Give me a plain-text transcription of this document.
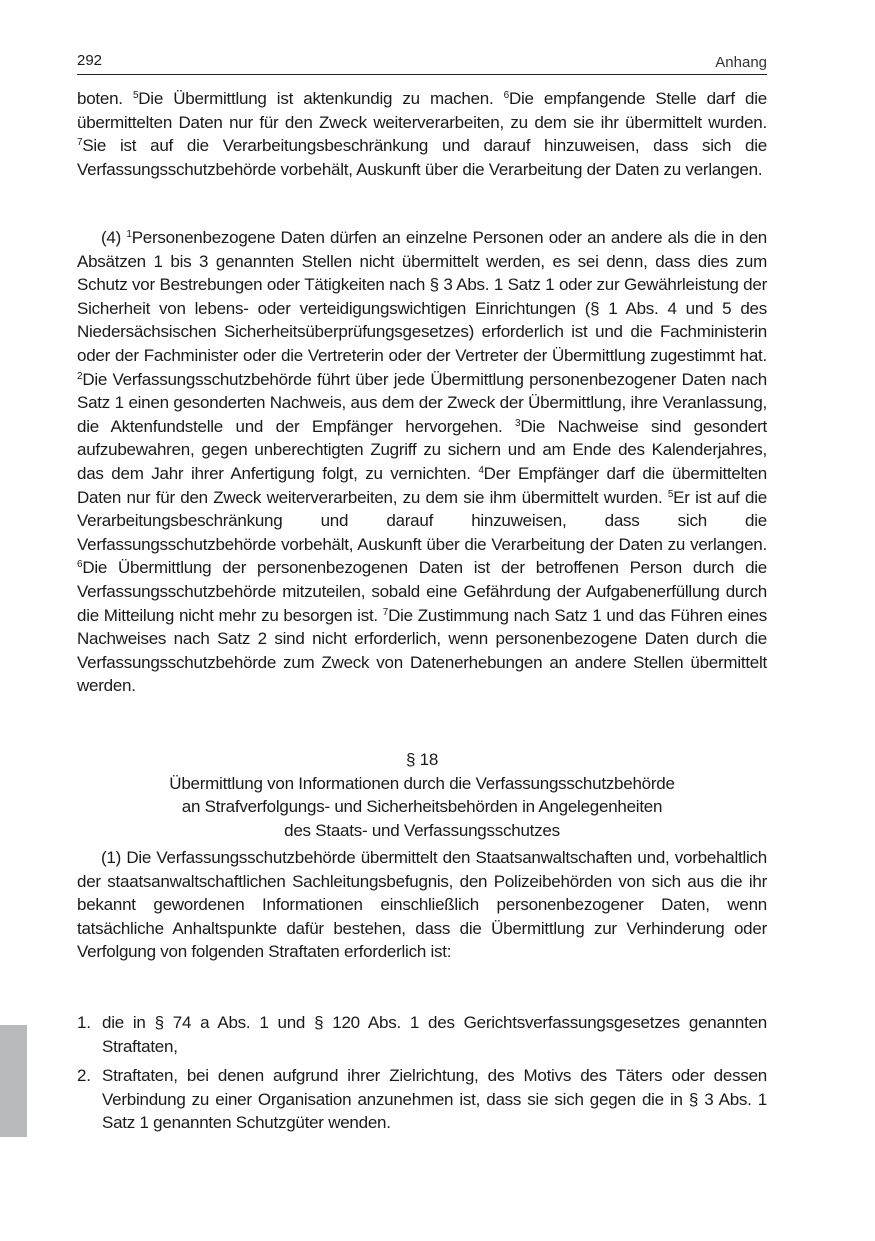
292	Anhang

boten. $^5$Die Übermittlung ist aktenkundig zu machen. $^6$Die empfangende Stelle darf die übermittelten Daten nur für den Zweck weiterverarbeiten, zu dem sie ihr übermittelt wurden. $^7$Sie ist auf die Verarbeitungsbeschränkung und darauf hinzuweisen, dass sich die Verfassungsschutzbehörde vorbehält, Auskunft über die Verarbeitung der Daten zu verlangen.

(4) $^1$Personenbezogene Daten dürfen an einzelne Personen oder an andere als die in den Absätzen 1 bis 3 genannten Stellen nicht übermittelt werden, es sei denn, dass dies zum Schutz vor Bestrebungen oder Tätigkeiten nach § 3 Abs. 1 Satz 1 oder zur Gewährleistung der Sicherheit von lebens- oder verteidigungswichtigen Einrichtungen (§ 1 Abs. 4 und 5 des Niedersächsischen Sicherheitsüberprüfungsgesetzes) erforderlich ist und die Fachministerin oder der Fachminister oder die Vertreterin oder der Vertreter der Übermittlung zugestimmt hat. $^2$Die Verfassungsschutzbehörde führt über jede Übermittlung personenbezogener Daten nach Satz 1 einen gesonderten Nachweis, aus dem der Zweck der Übermittlung, ihre Veranlassung, die Aktenfundstelle und der Empfänger hervorgehen. $^3$Die Nachweise sind gesondert aufzubewahren, gegen unberechtigten Zugriff zu sichern und am Ende des Kalenderjahres, das dem Jahr ihrer Anfertigung folgt, zu vernichten. $^4$Der Empfänger darf die übermittelten Daten nur für den Zweck weiterverarbeiten, zu dem sie ihm übermittelt wurden. $^5$Er ist auf die Verarbeitungsbeschränkung und darauf hinzuweisen, dass sich die Verfassungsschutzbehörde vorbehält, Auskunft über die Verarbeitung der Daten zu verlangen. $^6$Die Übermittlung der personenbezogenen Daten ist der betroffenen Person durch die Verfassungsschutzbehörde mitzuteilen, sobald eine Gefährdung der Aufgabenerfüllung durch die Mitteilung nicht mehr zu besorgen ist. $^7$Die Zustimmung nach Satz 1 und das Führen eines Nachweises nach Satz 2 sind nicht erforderlich, wenn personenbezogene Daten durch die Verfassungsschutzbehörde zum Zweck von Datenerhebungen an andere Stellen übermittelt werden.

§ 18
Übermittlung von Informationen durch die Verfassungsschutzbehörde
an Strafverfolgungs- und Sicherheitsbehörden in Angelegenheiten
des Staats- und Verfassungsschutzes

(1) Die Verfassungsschutzbehörde übermittelt den Staatsanwaltschaften und, vorbehaltlich der staatsanwaltschaftlichen Sachleitungsbefugnis, den Polizeibehörden von sich aus die ihr bekannt gewordenen Informationen einschließlich personenbezogener Daten, wenn tatsächliche Anhaltspunkte dafür bestehen, dass die Übermittlung zur Verhinderung oder Verfolgung von folgenden Straftaten erforderlich ist:

1. die in § 74 a Abs. 1 und § 120 Abs. 1 des Gerichtsverfassungsgesetzes genannten Straftaten,
2. Straftaten, bei denen aufgrund ihrer Zielrichtung, des Motivs des Täters oder dessen Verbindung zu einer Organisation anzunehmen ist, dass sie sich gegen die in § 3 Abs. 1 Satz 1 genannten Schutzgüter wenden.
